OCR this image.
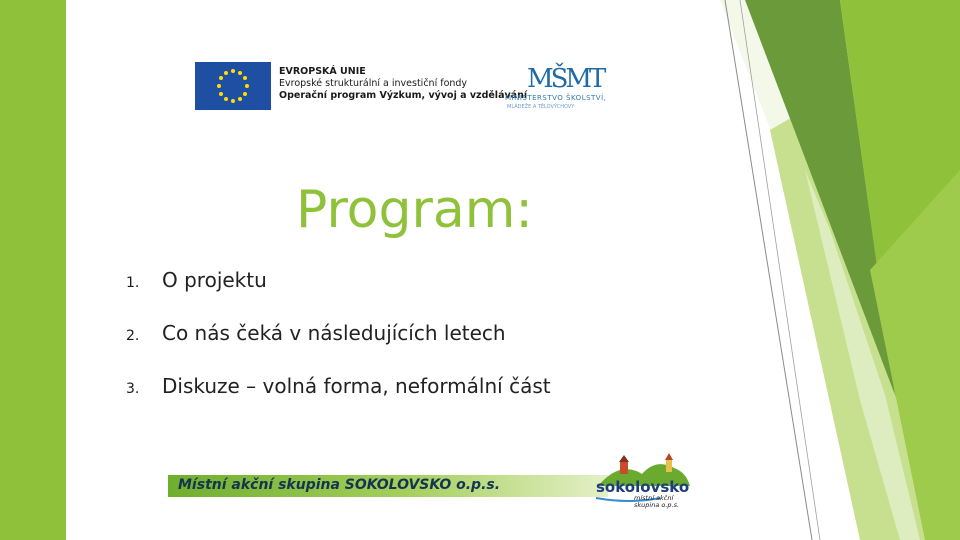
EVROPSKÁ UNIE
Evropské strukturální a investiční fondy
Operační program Výzkum, vývoj a vzdělávání
MŠMT
MINISTERSTVO ŠKOLSTVÍ,
MLÁDEŽE A TĚLOVÝCHOVY
Program:
1. O projektu
2. Co nás čeká v následujících letech
3. Diskuze – volná forma, neformální část
Místní akční skupina SOKOLOVSKO o.p.s.	sokolovsko
místní akční
skupina o.p.s.
